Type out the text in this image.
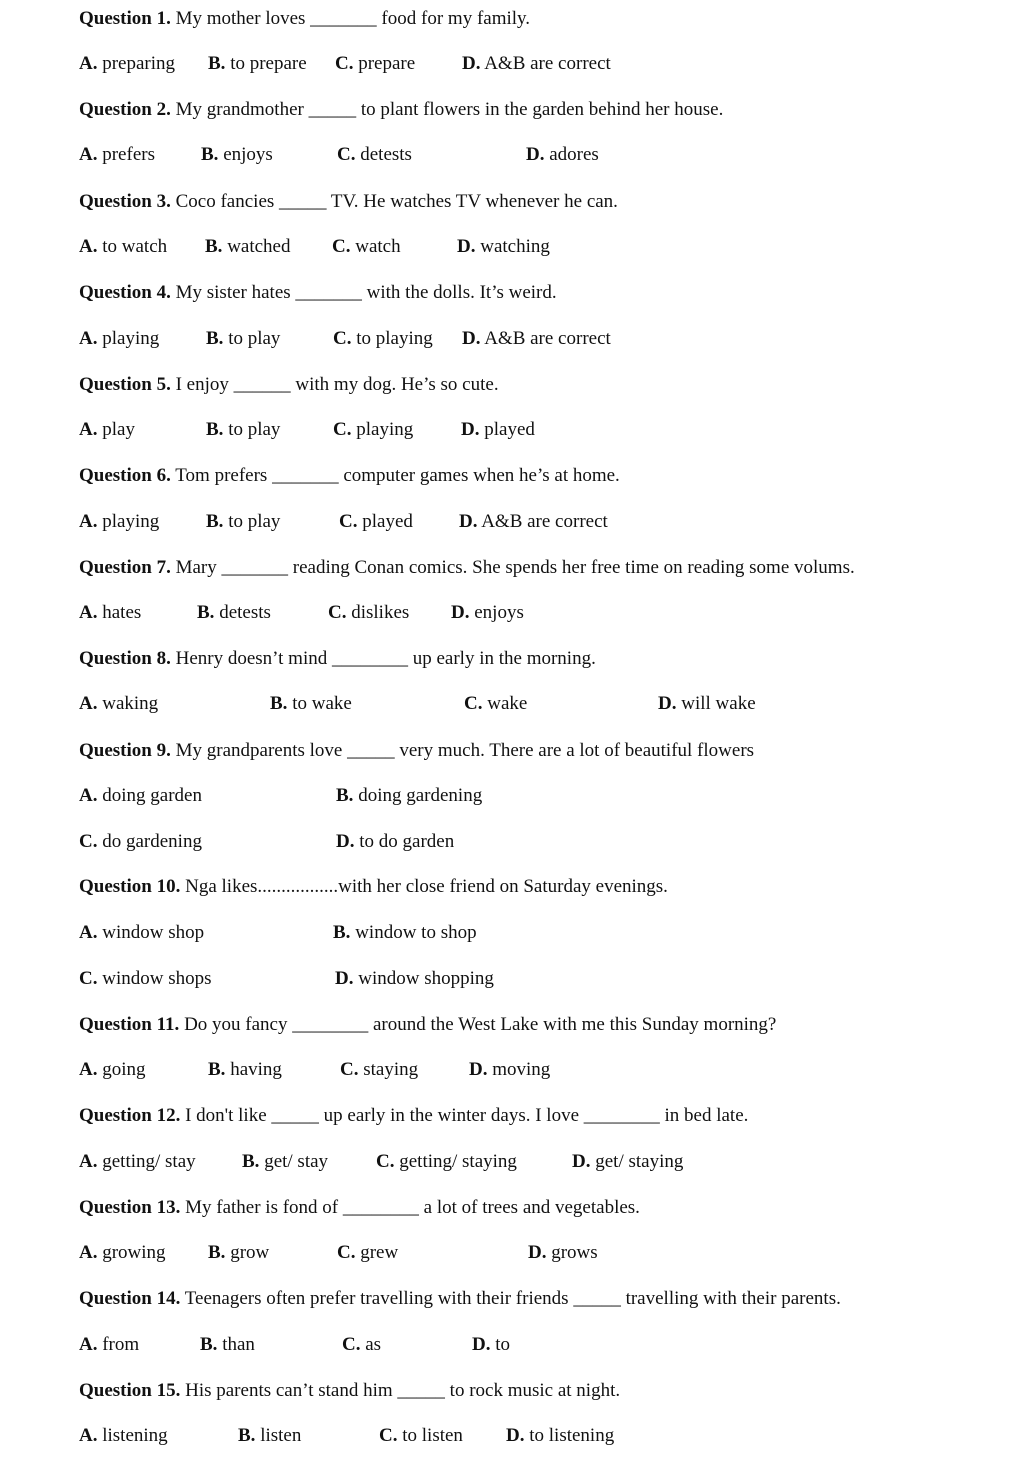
Question 1. My mother loves _______ food for my family.
A. preparing B. to prepare C. prepare D. A&B are correct
Question 2. My grandmother _____ to plant flowers in the garden behind her house.
A. prefers B. enjoys	C. detests	D. adores
Question 3. Coco fancies _____ TV. He watches TV whenever he can.
A. to watch B. watched C. watch	D. watching
Question 4. My sister hates _______ with the dolls. It’s weird.
A. playing B. to play	C. to playing D. A&B are correct
Question 5. I enjoy ______ with my dog. He’s so cute.
A. play	B. to play	C. playing	D. played
Question 6. Tom prefers _______ computer games when he’s at home.
A. playing B. to play	C. played D. A&B are correct
Question 7. Mary _______ reading Conan comics. She spends her free time on reading some volums.
A. hates	B. detests	C. dislikes D. enjoys
Question 8. Henry doesn’t mind ________ up early in the morning.
A. waking	B. to wake	C. wake	D. will wake
Question 9. My grandparents love _____ very much. There are a lot of beautiful flowers
A. doing garden	B. doing gardening
C. do gardening	D. to do garden
Question 10. Nga likes.................with her close friend on Saturday evenings.
A. window shop	B. window to shop
C. window shops	D. window shopping
Question 11. Do you fancy ________ around the West Lake with me this Sunday morning?
A. going	B. having	C. staying	D. moving
Question 12. I don't like _____ up early in the winter days. I love ________ in bed late.
A. getting/ stay B. get/ stay	C. getting/ staying	D. get/ staying
Question 13. My father is fond of ________ a lot of trees and vegetables.
A. growing B. grow	C. grew	D. grows
Question 14. Teenagers often prefer travelling with their friends _____ travelling with their parents.
A. from	B. than	C. as	D. to
Question 15. His parents can’t stand him _____ to rock music at night.
A. listening	B. listen	C. to listen D. to listening
